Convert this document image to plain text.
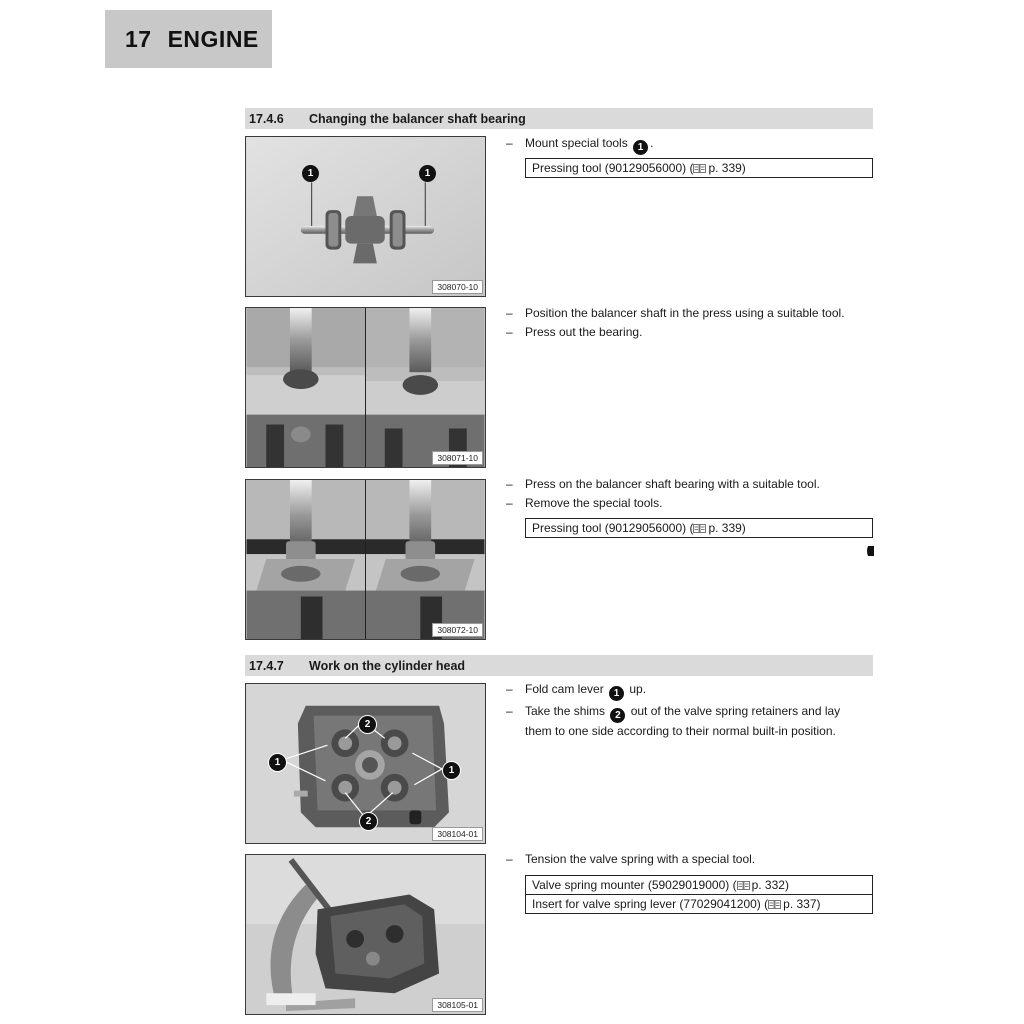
17 ENGINE
17.4.6	Changing the balancer shaft bearing
1	1
308070-10
308071-10
308072-10
–	Mount special tools 1 .
Pressing tool (90129056000) ( p. 339)
–	Position the balancer shaft in the press using a suitable tool.
–	Press out the bearing.
–	Press on the balancer shaft bearing with a suitable tool.
–	Remove the special tools.
Pressing tool (90129056000) ( p. 339)
17.4.7	Work on the cylinder head
2
1
1
2
308104-01
308105-01
–	Fold cam lever 1 up.
–	Take the shims 2 out of the valve spring retainers and lay them to one side according to their normal built-in position.
–	Tension the valve spring with a special tool.
Valve spring mounter (59029019000) ( p. 332)
Insert for valve spring lever (77029041200) ( p. 337)
